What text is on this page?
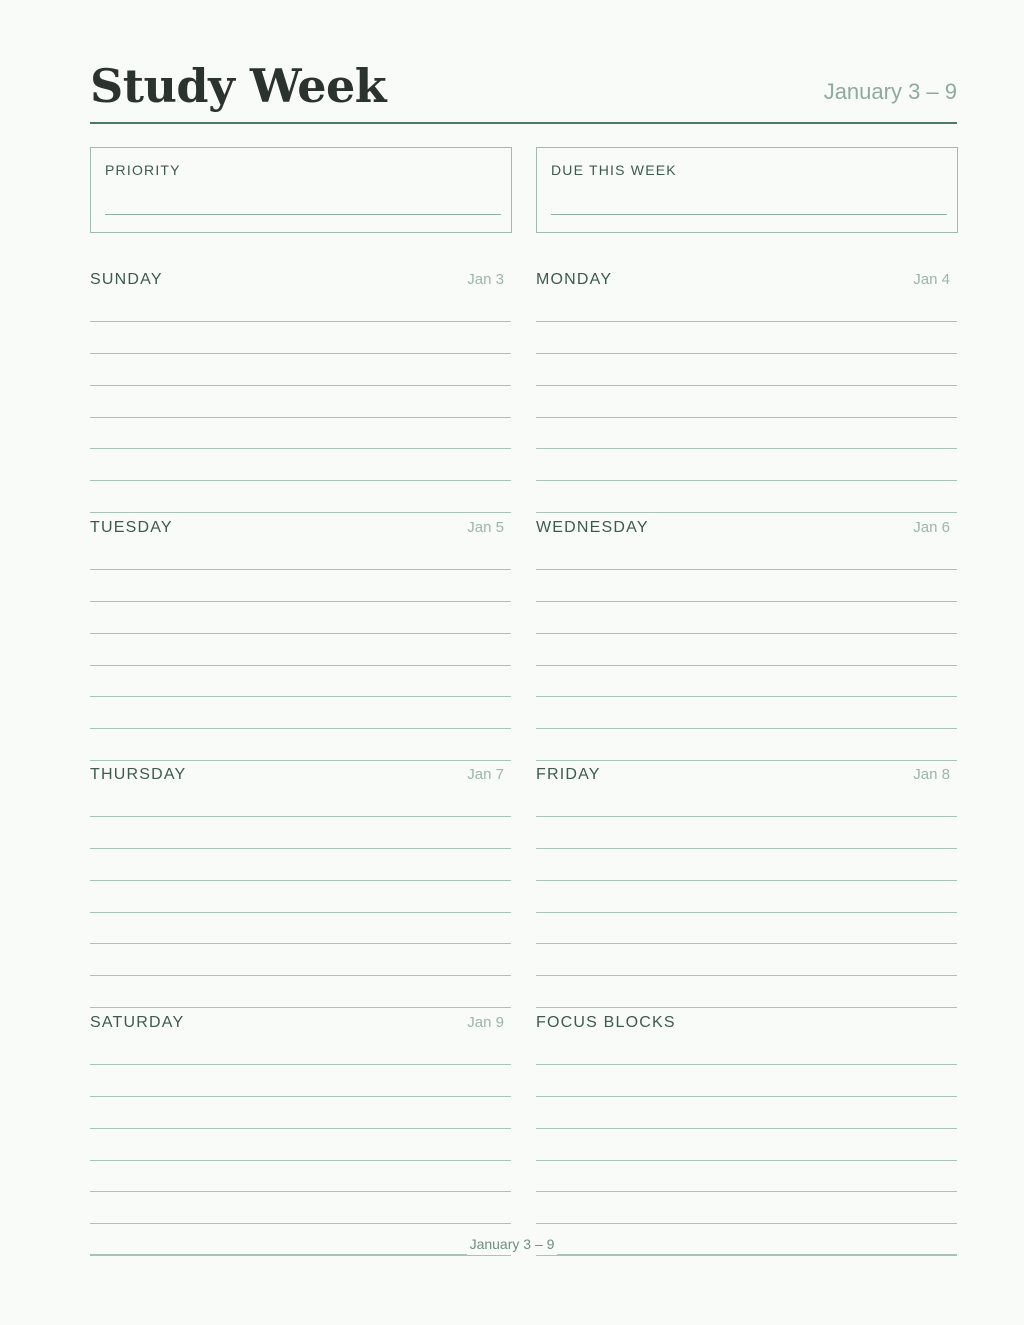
Study Week	January 3 – 9
PRIORITY	DUE THIS WEEK
SUNDAY	Jan 3 MONDAY	Jan 4
TUESDAY	Jan 5 WEDNESDAY	Jan 6
THURSDAY	Jan 7 FRIDAY	Jan 8
SATURDAY	Jan 9 FOCUS BLOCKS
January 3 – 9
